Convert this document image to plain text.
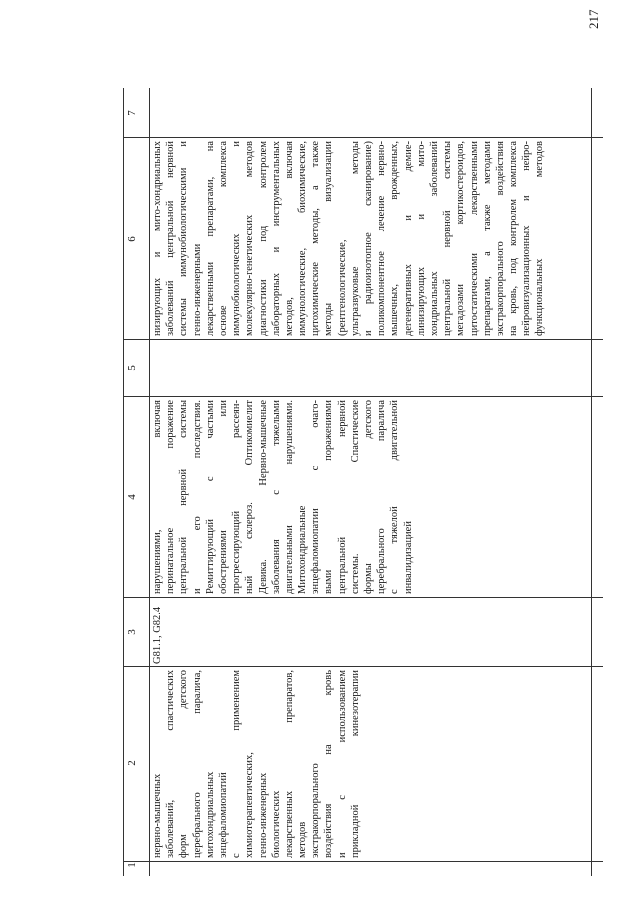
217
1
2
3
4
5
6
7
нервно-мышечных заболеваний, спастических форм детского церебрального паралича, митохондриальных энцефаломиопатий с применением химиотерапевтических, генно-инженерных биологических лекарственных препаратов, методов экстракорпорального воздействия на кровь и с использованием прикладной кинезотерапии
G81.1, G82.4
нарушениями, включая перинатальное поражение центральной нервной системы и его последствия. Ремиттирующий с частыми обострениями или прогрессирующий рассеян- ный склероз. Оптикомиелит Девика. Нервно-мышечные заболевания с тяжелыми двигательными нарушениями. Митохондриальные энцефаломиопатии с очаго- выми поражениями центральной нервной системы. Спастические формы детского церебрального паралича с тяжелой двигательной инвалидизацией
низирующих и мито-хондриальных заболеваний центральной нервной системы иммунобиологическими и генно-инженерными лекарственными препаратами, на основе комплекса иммунобиологических и молекулярно-генетических методов диагностики под контролем лабораторных и инструментальных методов, включая иммунологические, биохимические, цитохимические методы, а также методы визуализации (рентгенологические, ультразвуковые методы и радиоизотопное сканирование) поликомпонентное лечение нервно- мышечных, врожденных, дегенеративных и демие- линизирующих и мито- хондриальных заболеваний центральной нервной системы мегадозами кортикостероидов, цитостатическими лекарственными препаратами, а также методами экстракорпорального воздействия на кровь, под контролем комплекса нейровизуализационных и нейро- функциональных методов
